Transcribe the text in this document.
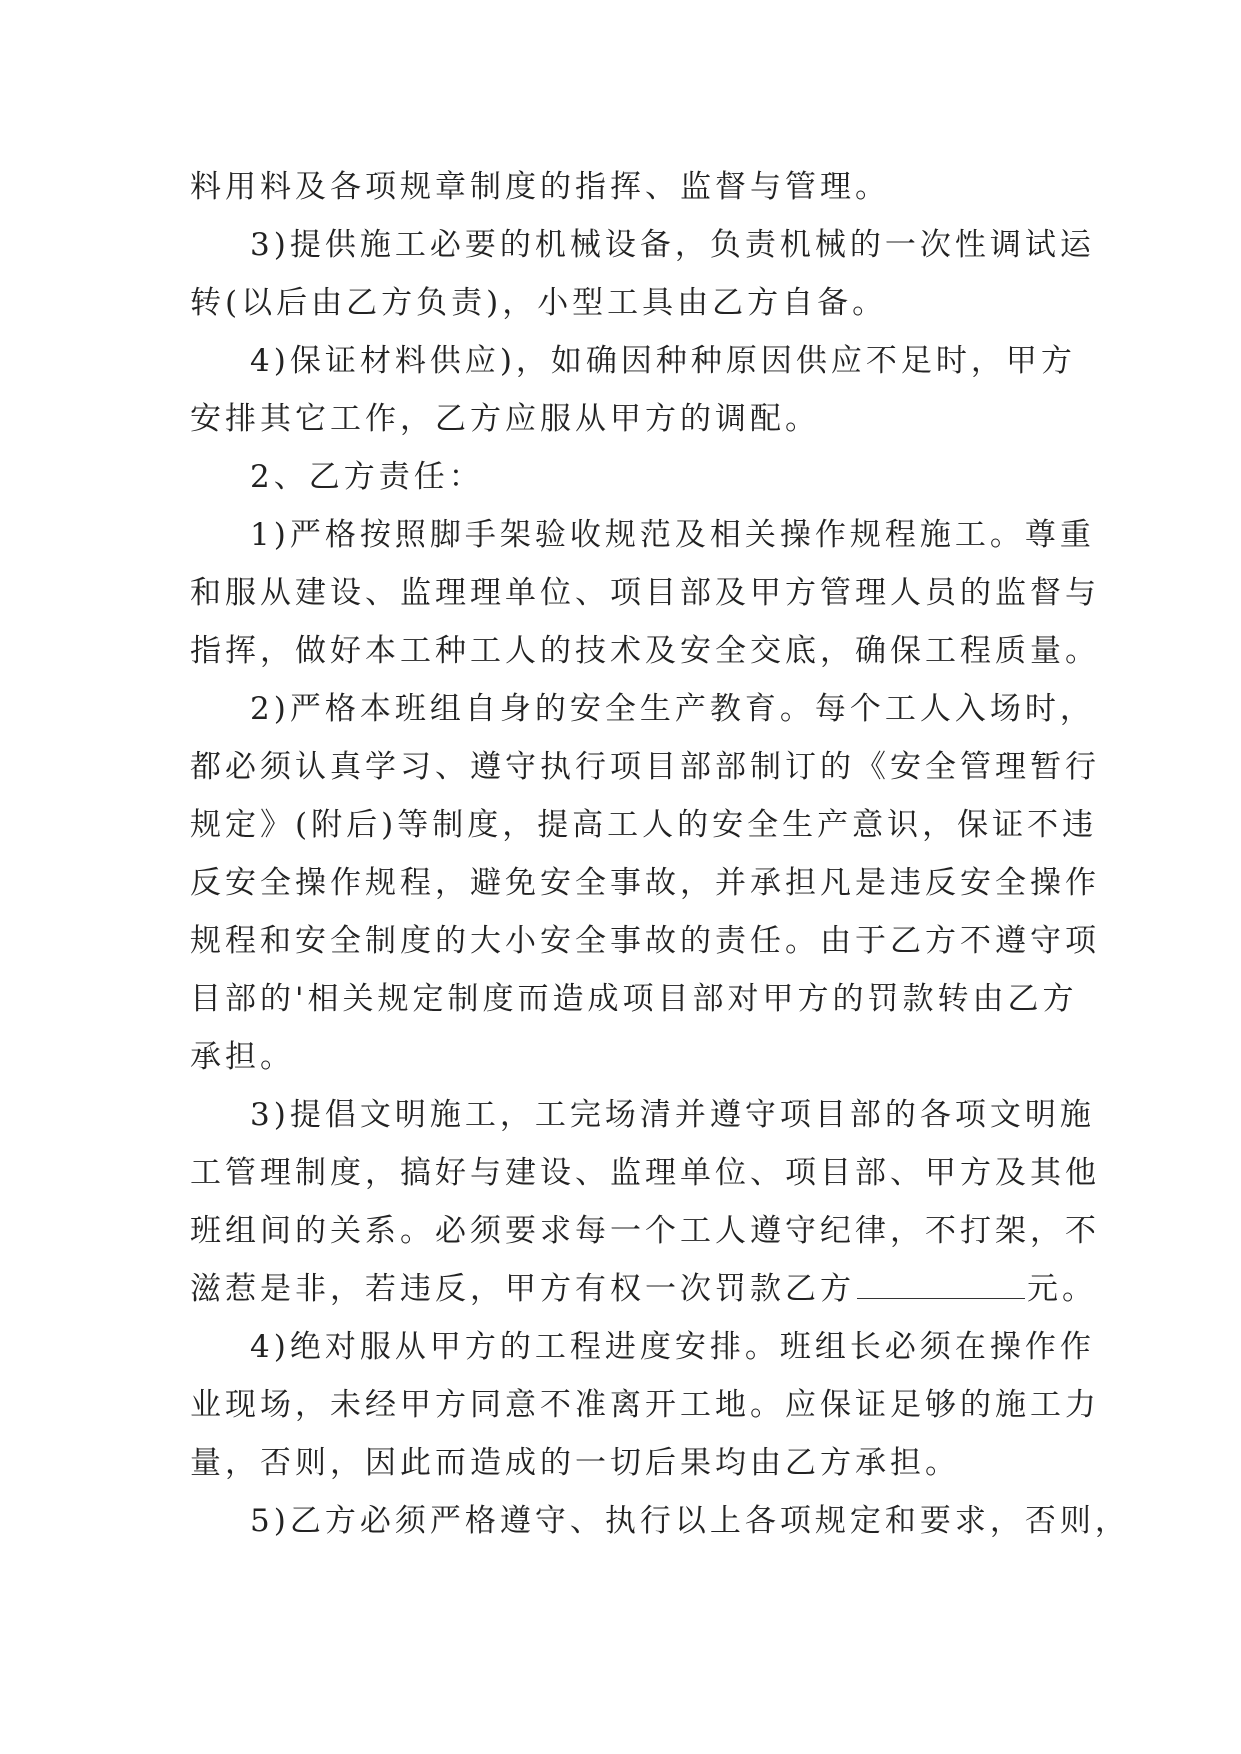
料用料及各项规章制度的指挥、监督与管理。
3)提供施工必要的机械设备，负责机械的一次性调试运
转(以后由乙方负责)，小型工具由乙方自备。
4)保证材料供应)，如确因种种原因供应不足时，甲方
安排其它工作，乙方应服从甲方的调配。
2、乙方责任：
1)严格按照脚手架验收规范及相关操作规程施工。尊重
和服从建设、监理理单位、项目部及甲方管理人员的监督与
指挥，做好本工种工人的技术及安全交底，确保工程质量。
2)严格本班组自身的安全生产教育。每个工人入场时，
都必须认真学习、遵守执行项目部部制订的《安全管理暂行
规定》(附后)等制度，提高工人的安全生产意识，保证不违
反安全操作规程，避免安全事故，并承担凡是违反安全操作
规程和安全制度的大小安全事故的责任。由于乙方不遵守项
目部的'相关规定制度而造成项目部对甲方的罚款转由乙方
承担。
3)提倡文明施工，工完场清并遵守项目部的各项文明施
工管理制度，搞好与建设、监理单位、项目部、甲方及其他
班组间的关系。必须要求每一个工人遵守纪律，不打架，不
滋惹是非，若违反，甲方有权一次罚款乙方	元。
4)绝对服从甲方的工程进度安排。班组长必须在操作作
业现场，未经甲方同意不准离开工地。应保证足够的施工力
量，否则，因此而造成的一切后果均由乙方承担。
5)乙方必须严格遵守、执行以上各项规定和要求，否则，
